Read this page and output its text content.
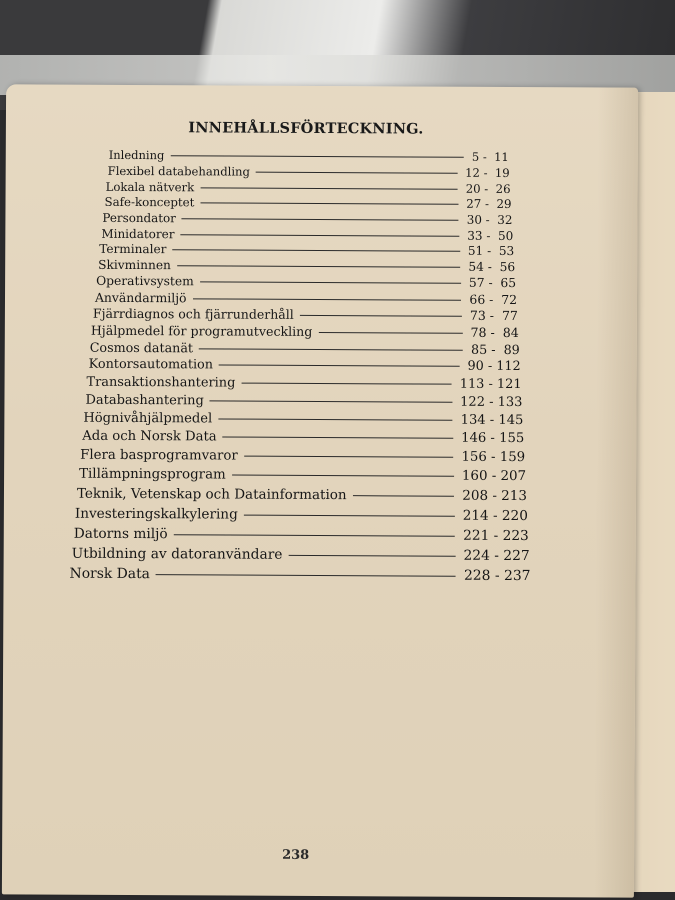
INNEHÅLLSFÖRTECKNING.
Inledning	5 -  11
Flexibel databehandling	12 -  19
Lokala nätverk	20 -  26
Safe-konceptet	27 -  29
Persondator	30 -  32
Minidatorer	33 -  50
Terminaler	51 -  53
Skivminnen	54 -  56
Operativsystem	57 -  65
Användarmiljö	66 -  72
Fjärrdiagnos och fjärrunderhåll	73 -  77
Hjälpmedel för programutveckling	78 -  84
Cosmos datanät	85 -  89
Kontorsautomation	90 - 112
Transaktionshantering	113 - 121
Databashantering	122 - 133
Högnivåhjälpmedel	134 - 145
Ada och Norsk Data	146 - 155
Flera basprogramvaror	156 - 159
Tillämpningsprogram	160 - 207
Teknik, Vetenskap och Datainformation	208 - 213
Investeringskalkylering	214 - 220
Datorns miljö	221 - 223
Utbildning av datoranvändare	224 - 227
Norsk Data	228 - 237
238
